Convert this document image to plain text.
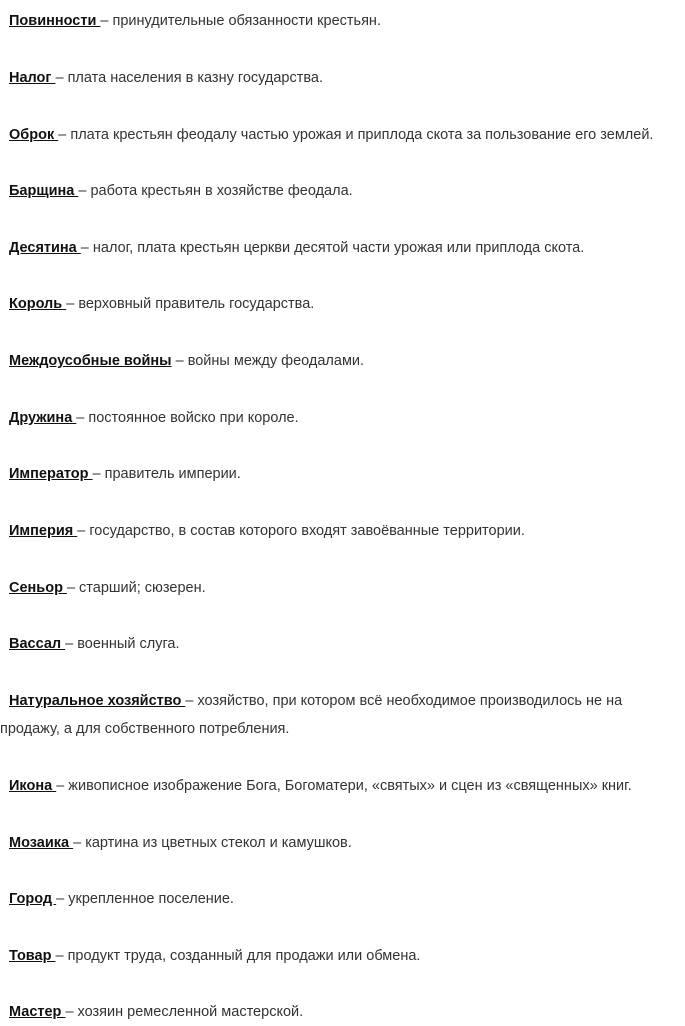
Повинности – принудительные обязанности крестьян.
Налог – плата населения в казну государства.
Оброк – плата крестьян феодалу частью урожая и приплода скота за пользование его землей.
Барщина – работа крестьян в хозяйстве феодала.
Десятина – налог, плата крестьян церкви десятой части урожая или приплода скота.
Король – верховный правитель государства.
Междоусобные войны – войны между феодалами.
Дружина – постоянное войско при короле.
Император – правитель империи.
Империя – государство, в состав которого входят завоёванные территории.
Сеньор – старший; сюзерен.
Вассал – военный слуга.
Натуральное хозяйство – хозяйство, при котором всё необходимое производилось не на продажу, а для собственного потребления.
Икона – живописное изображение Бога, Богоматери, «святых» и сцен из «священных» книг.
Мозаика – картина из цветных стекол и камушков.
Город – укрепленное поселение.
Товар – продукт труда, созданный для продажи или обмена.
Мастер – хозяин ремесленной мастерской.
